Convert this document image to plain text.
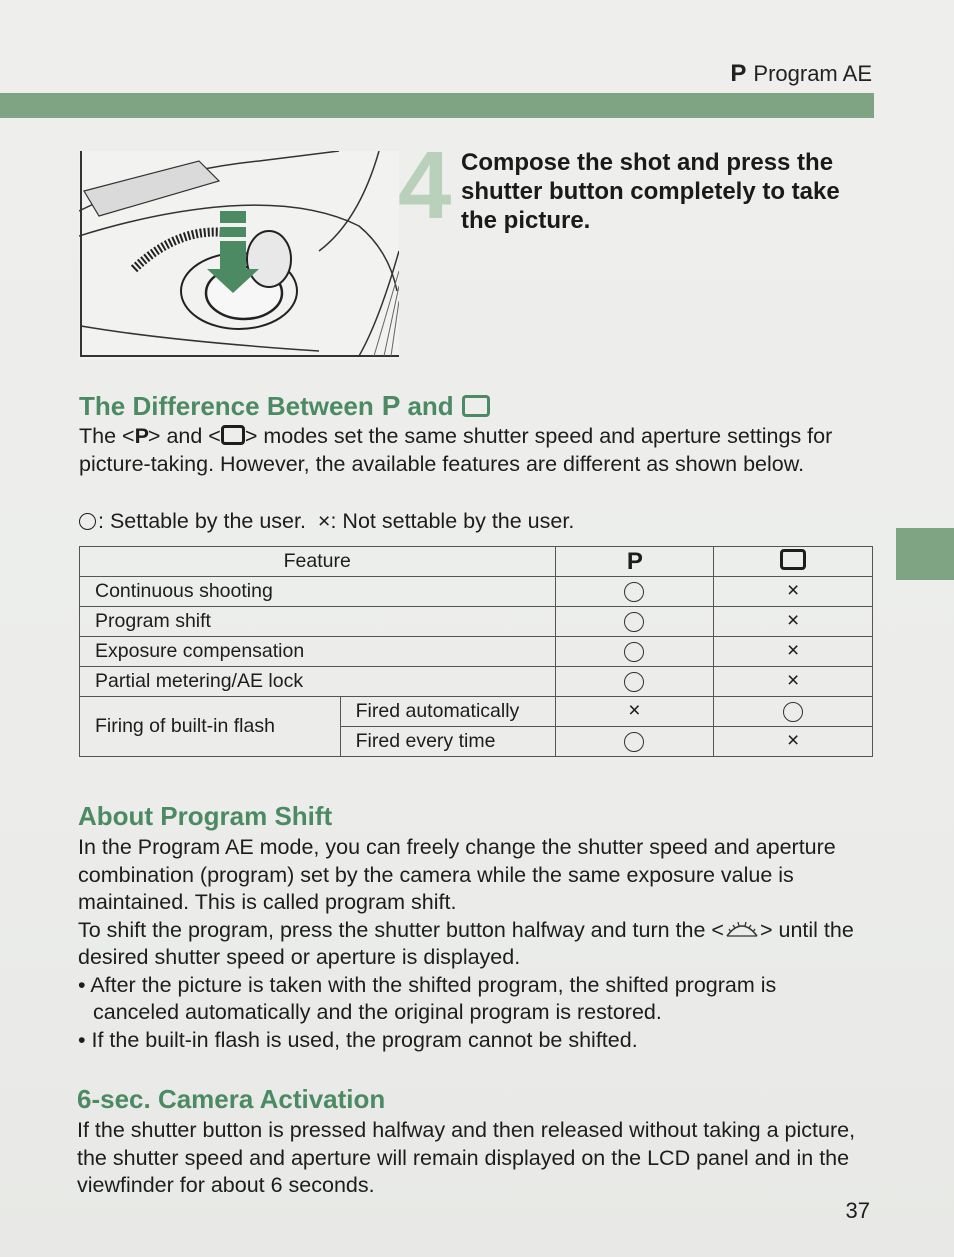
P Program AE
4 Compose the shot and press the shutter button completely to take the picture.
The Difference Between P and

The <P> and < > modes set the same shutter speed and aperture settings for picture-taking. However, the available features are different as shown below.

: Settable by the user. ×: Not settable by the user.
Feature		P	
Continuous shooting			×
Program shift			×
Exposure compensation			×
Partial metering/AE lock			×
Firing of built-in flash	Fired automatically	×	
	Fired every time		×
About Program Shift

In the Program AE mode, you can freely change the shutter speed and aperture combination (program) set by the camera while the same exposure value is maintained. This is called program shift.

To shift the program, press the shutter button halfway and turn the < > until the desired shutter speed or aperture is displayed.

• After the picture is taken with the shifted program, the shifted program is canceled automatically and the original program is restored.

• If the built-in flash is used, the program cannot be shifted.

6-sec. Camera Activation
If the shutter button is pressed halfway and then released without taking a picture, the shutter speed and aperture will remain displayed on the LCD panel and in the viewfinder for about 6 seconds.
37
